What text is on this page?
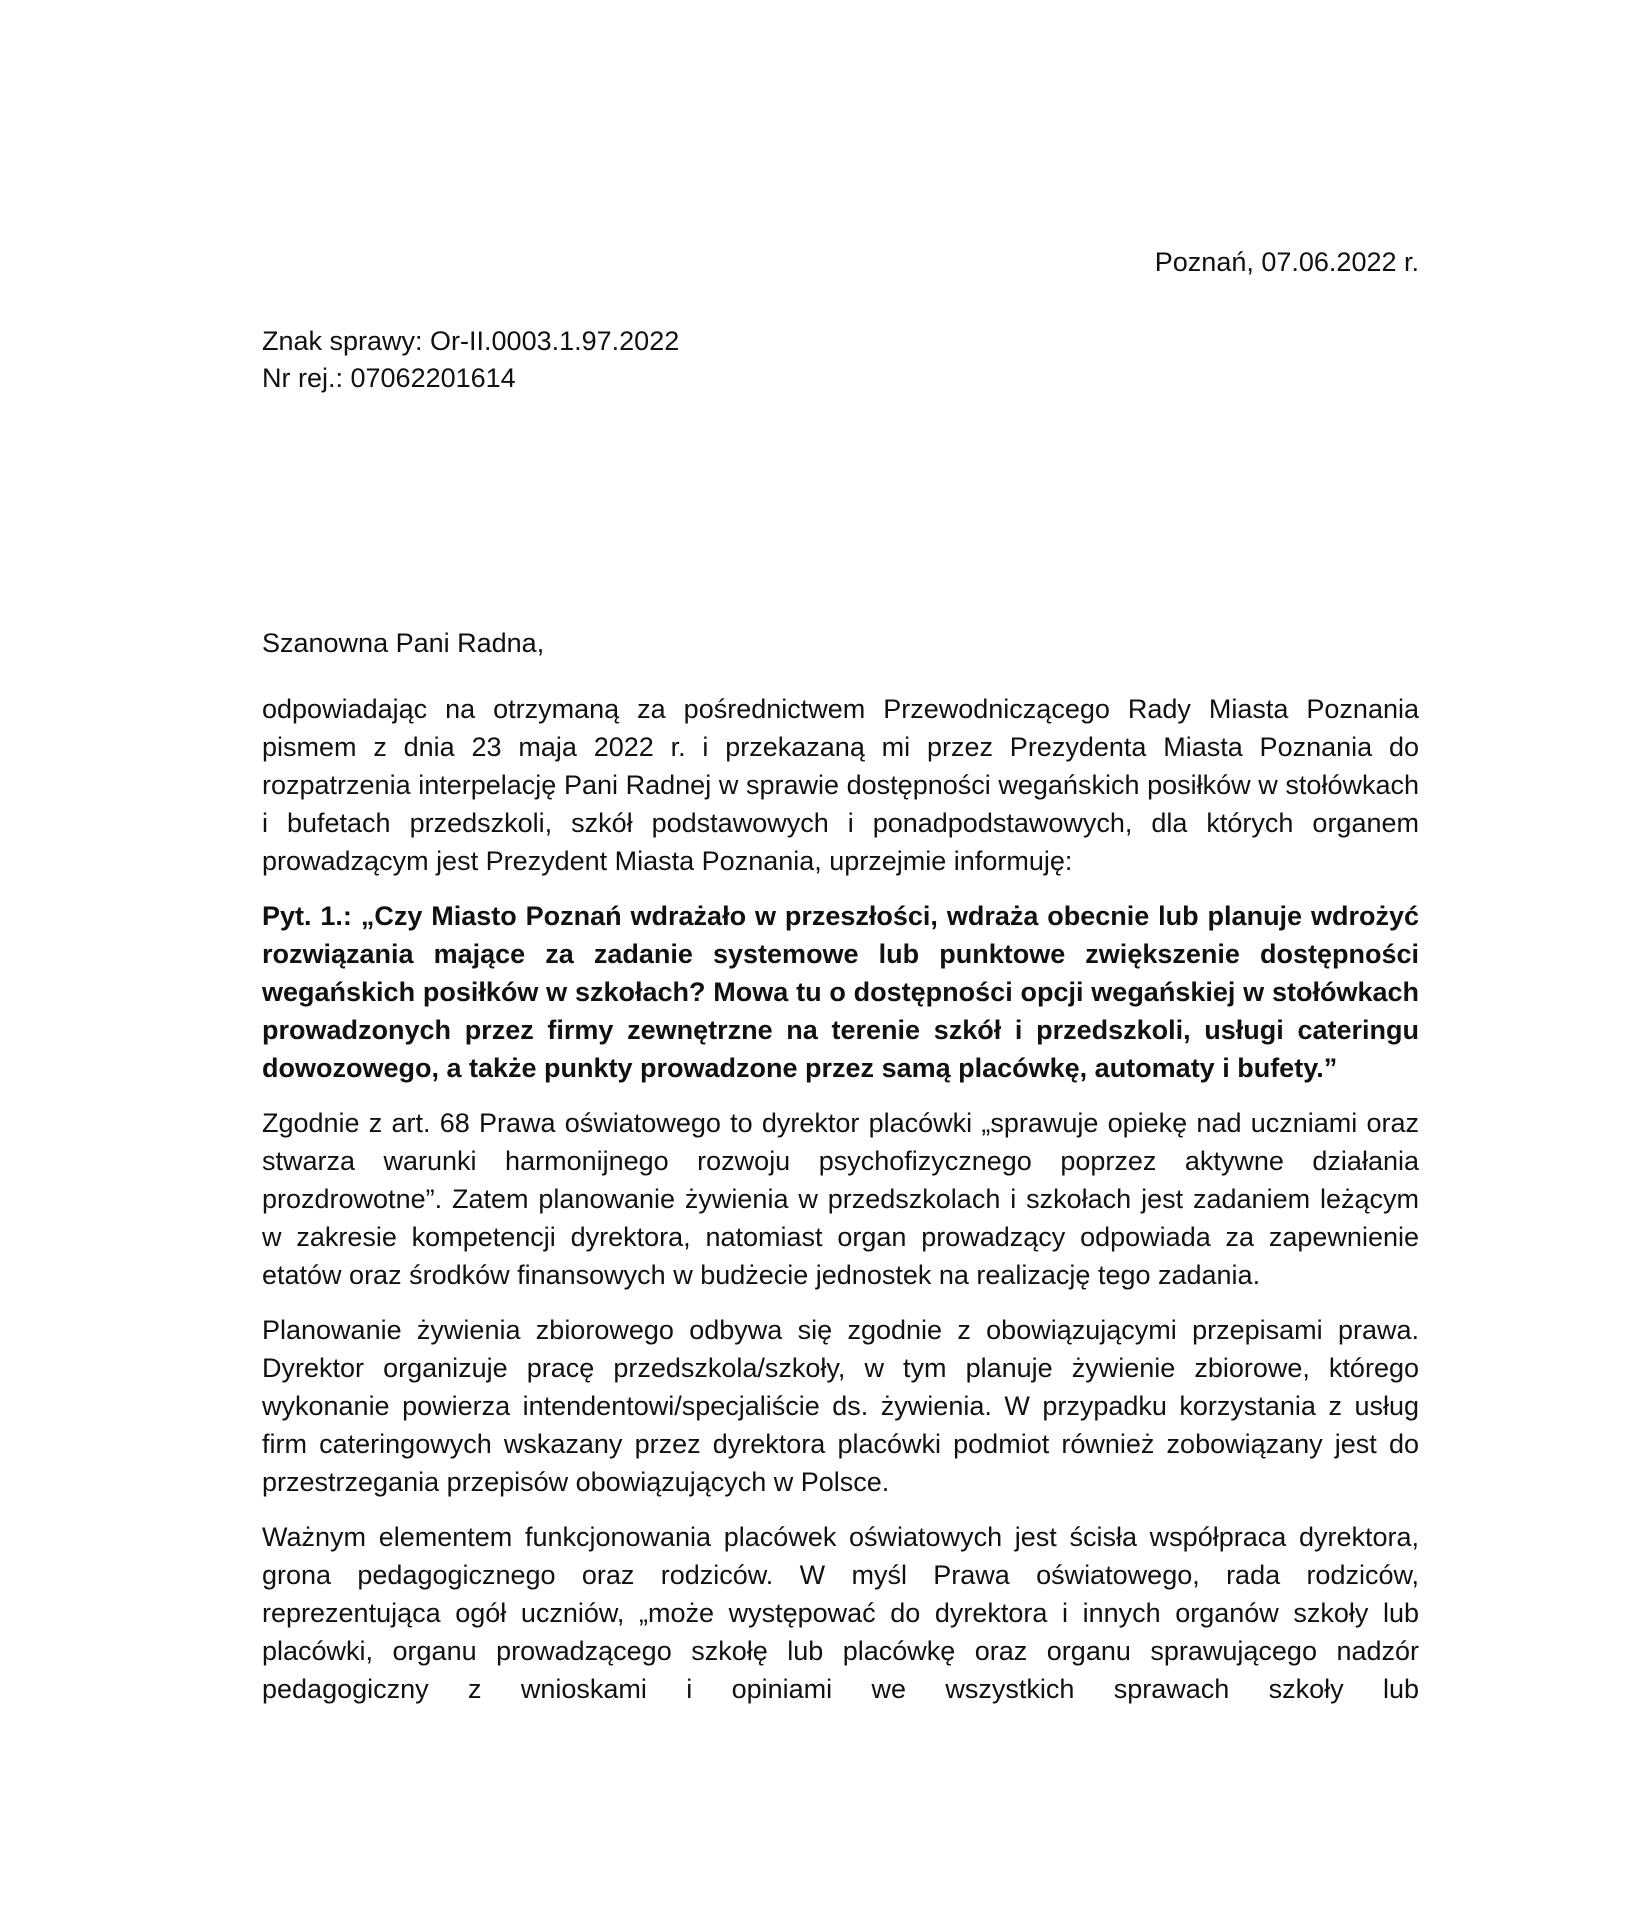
Poznań, 07.06.2022 r.
Znak sprawy: Or-II.0003.1.97.2022
Nr rej.: 07062201614

Szanowna Pani Radna,

odpowiadając na otrzymaną za pośrednictwem Przewodniczącego Rady Miasta Poznania pismem z dnia 23 maja 2022 r. i przekazaną mi przez Prezydenta Miasta Poznania do rozpatrzenia interpelację Pani Radnej w sprawie dostępności wegańskich posiłków w stołówkach i bufetach przedszkoli, szkół podstawowych i ponadpodstawowych, dla których organem prowadzącym jest Prezydent Miasta Poznania, uprzejmie informuję:

Pyt. 1.: „Czy Miasto Poznań wdrażało w przeszłości, wdraża obecnie lub planuje wdrożyć rozwiązania mające za zadanie systemowe lub punktowe zwiększenie dostępności wegańskich posiłków w szkołach? Mowa tu o dostępności opcji wegańskiej w stołówkach prowadzonych przez firmy zewnętrzne na terenie szkół i przedszkoli, usługi cateringu dowozowego, a także punkty prowadzone przez samą placówkę, automaty i bufety.”

Zgodnie z art. 68 Prawa oświatowego to dyrektor placówki „sprawuje opiekę nad uczniami oraz stwarza warunki harmonijnego rozwoju psychofizycznego poprzez aktywne działania prozdrowotne”. Zatem planowanie żywienia w przedszkolach i szkołach jest zadaniem leżącym w zakresie kompetencji dyrektora, natomiast organ prowadzący odpowiada za zapewnienie etatów oraz środków finansowych w budżecie jednostek na realizację tego zadania.

Planowanie żywienia zbiorowego odbywa się zgodnie z obowiązującymi przepisami prawa. Dyrektor organizuje pracę przedszkola/szkoły, w tym planuje żywienie zbiorowe, którego wykonanie powierza intendentowi/specjaliście ds. żywienia. W przypadku korzystania z usług firm cateringowych wskazany przez dyrektora placówki podmiot również zobowiązany jest do przestrzegania przepisów obowiązujących w Polsce.

Ważnym elementem funkcjonowania placówek oświatowych jest ścisła współpraca dyrektora, grona pedagogicznego oraz rodziców. W myśl Prawa oświatowego, rada rodziców, reprezentująca ogół uczniów, „może występować do dyrektora i innych organów szkoły lub placówki, organu prowadzącego szkołę lub placówkę oraz organu sprawującego nadzór pedagogiczny z wnioskami i opiniami we wszystkich sprawach szkoły lub
